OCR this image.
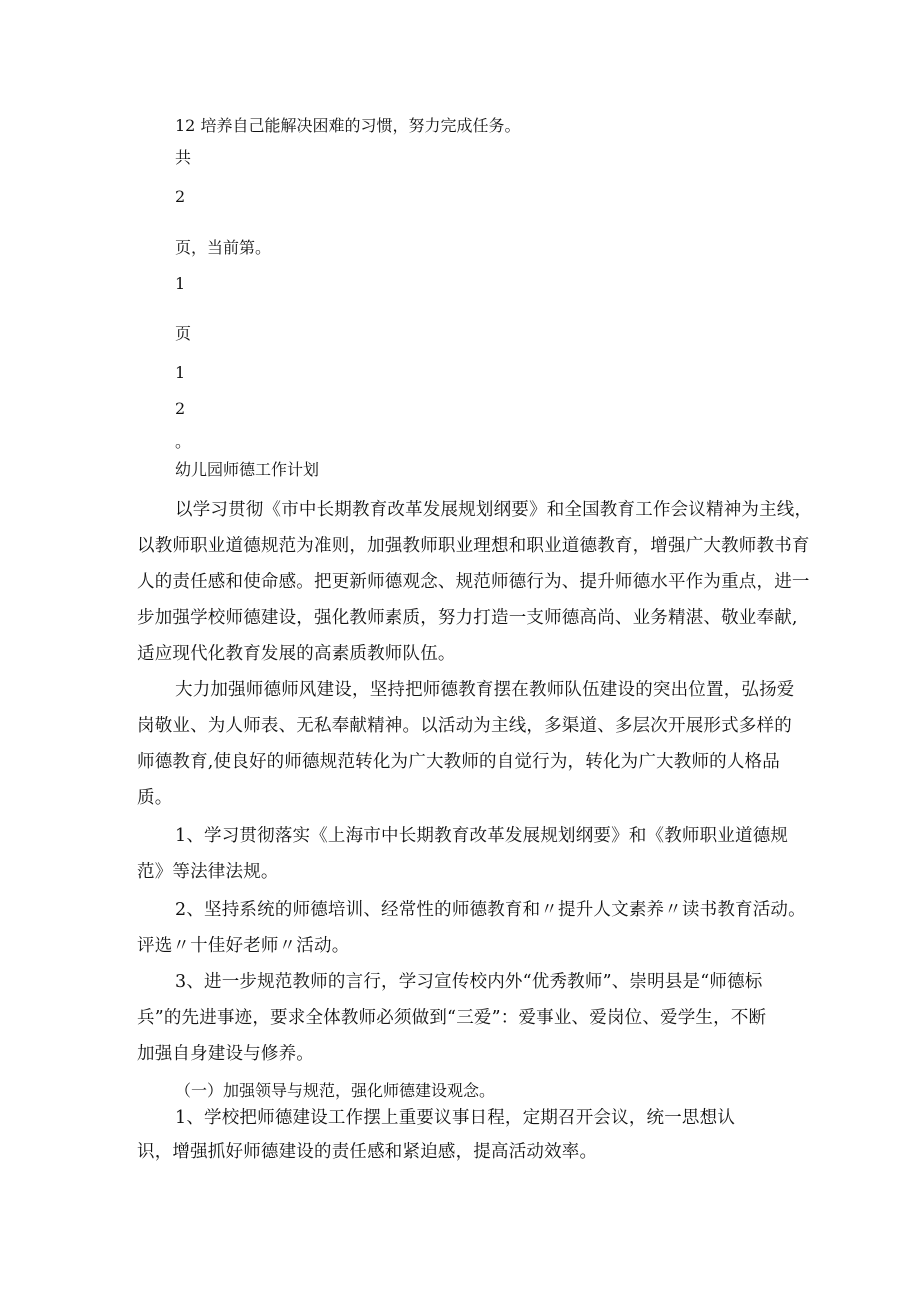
12 培养自己能解决困难的习惯，努力完成任务。

共

2

页，当前第。

1

页

1

2

。

幼儿园师德工作计划

以学习贯彻《市中长期教育改革发展规划纲要》和全国教育工作会议精神为主线，

以教师职业道德规范为准则，加强教师职业理想和职业道德教育，增强广大教师教书育

人的责任感和使命感。把更新师德观念、规范师德行为、提升师德水平作为重点，进一

步加强学校师德建设，强化教师素质，努力打造一支师德高尚、业务精湛、敬业奉献,

适应现代化教育发展的高素质教师队伍。

大力加强师德师风建设，坚持把师德教育摆在教师队伍建设的突出位置，弘扬爱

岗敬业、为人师表、无私奉献精神。以活动为主线，多渠道、多层次开展形式多样的

师德教育,使良好的师德规范转化为广大教师的自觉行为，转化为广大教师的人格品

质。

1、学习贯彻落实《上海市中长期教育改革发展规划纲要》和《教师职业道德规

范》等法律法规。

2、坚持系统的师德培训、经常性的师德教育和〃提升人文素养〃读书教育活动。

评选〃十佳好老师〃活动。

3、进一步规范教师的言行，学习宣传校内外“优秀教师”、崇明县是“师德标

兵”的先进事迹，要求全体教师必须做到“三爱”：爱事业、爱岗位、爱学生，不断

加强自身建设与修养。

（一）加强领导与规范，强化师德建设观念。

1、学校把师德建设工作摆上重要议事日程，定期召开会议，统一思想认

识，增强抓好师德建设的责任感和紧迫感，提高活动效率。
